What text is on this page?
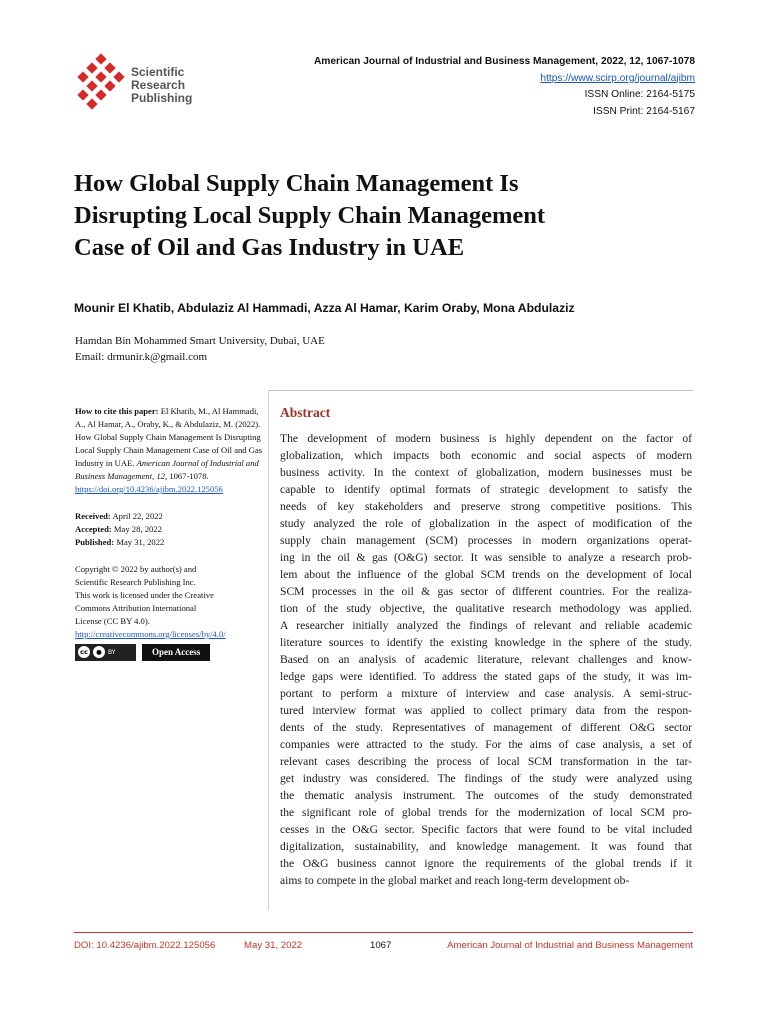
Scientific
Research
Publishing
American Journal of Industrial and Business Management, 2022, 12, 1067-1078
https://www.scirp.org/journal/ajibm
ISSN Online: 2164-5175
ISSN Print: 2164-5167
How Global Supply Chain Management Is
Disrupting Local Supply Chain Management
Case of Oil and Gas Industry in UAE
Mounir El Khatib, Abdulaziz Al Hammadi, Azza Al Hamar, Karim Oraby, Mona Abdulaziz
Hamdan Bin Mohammed Smart University, Dubai, UAE
Email: drmunir.k@gmail.com

How to cite this paper: El Khatib, M., Al Hammadi, A., Al Hamar, A., Oraby, K., & Abdulaziz, M. (2022). How Global Supply Chain Management Is Disrupting Local Supply Chain Management Case of Oil and Gas Industry in UAE. American Journal of Industrial and Business Management, 12, 1067-1078.
https://doi.org/10.4236/ajibm.2022.125056

Received: April 22, 2022
Accepted: May 28, 2022
Published: May 31, 2022
Copyright © 2022 by author(s) and
Scientific Research Publishing Inc.
This work is licensed under the Creative
Commons Attribution International
License (CC BY 4.0).
http://creativecommons.org/licenses/by/4.0/
cc	●	BY	Open Access
Abstract
The development of modern business is highly dependent on the factor of
globalization, which impacts both economic and social aspects of modern
business activity. In the context of globalization, modern businesses must be
capable to identify optimal formats of strategic development to satisfy the
needs of key stakeholders and preserve strong competitive positions. This
study analyzed the role of globalization in the aspect of modification of the
supply chain management (SCM) processes in modern organizations operat-
ing in the oil & gas (O&G) sector. It was sensible to analyze a research prob-
lem about the influence of the global SCM trends on the development of local
SCM processes in the oil & gas sector of different countries. For the realiza-
tion of the study objective, the qualitative research methodology was applied.
A researcher initially analyzed the findings of relevant and reliable academic
literature sources to identify the existing knowledge in the sphere of the study.
Based on an analysis of academic literature, relevant challenges and know-
ledge gaps were identified. To address the stated gaps of the study, it was im-
portant to perform a mixture of interview and case analysis. A semi-struc-
tured interview format was applied to collect primary data from the respon-
dents of the study. Representatives of management of different O&G sector
companies were attracted to the study. For the aims of case analysis, a set of
relevant cases describing the process of local SCM transformation in the tar-
get industry was considered. The findings of the study were analyzed using
the thematic analysis instrument. The outcomes of the study demonstrated
the significant role of global trends for the modernization of local SCM pro-
cesses in the O&G sector. Specific factors that were found to be vital included
digitalization, sustainability, and knowledge management. It was found that
the O&G business cannot ignore the requirements of the global trends if it
aims to compete in the global market and reach long-term development ob-
DOI: 10.4236/ajibm.2022.125056	May 31, 2022	1067	American Journal of Industrial and Business Management
